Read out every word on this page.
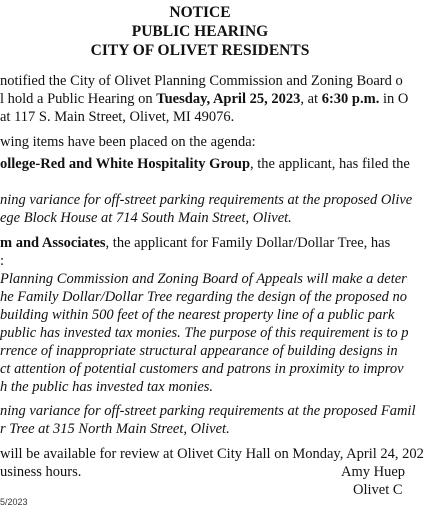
NOTICE
PUBLIC HEARING
CITY OF OLIVET RESIDENTS
notified the City of Olivet Planning Commission and Zoning Board o
l hold a Public Hearing on Tuesday, April 25, 2023, at 6:30 p.m. in O
at 117 S. Main Street, Olivet, MI 49076.
wing items have been placed on the agenda:
ollege-Red and White Hospitality Group, the applicant, has filed the
ning variance for off-street parking requirements at the proposed Olive
ege Block House at 714 South Main Street, Olivet.
m and Associates, the applicant for Family Dollar/Dollar Tree, has
:
Planning Commission and Zoning Board of Appeals will make a deter
he Family Dollar/Dollar Tree regarding the design of the proposed no
building within 500 feet of the nearest property line of a public park
public has invested tax monies. The purpose of this requirement is to p
rrence of inappropriate structural appearance of building designs in
ct attention of potential customers and patrons in proximity to improv
h the public has invested tax monies.
ning variance for off-street parking requirements at the proposed Famil
r Tree at 315 North Main Street, Olivet.
will be available for review at Olivet City Hall on Monday, April 24, 202
usiness hours.	Amy Huep
Olivet C
5/2023
